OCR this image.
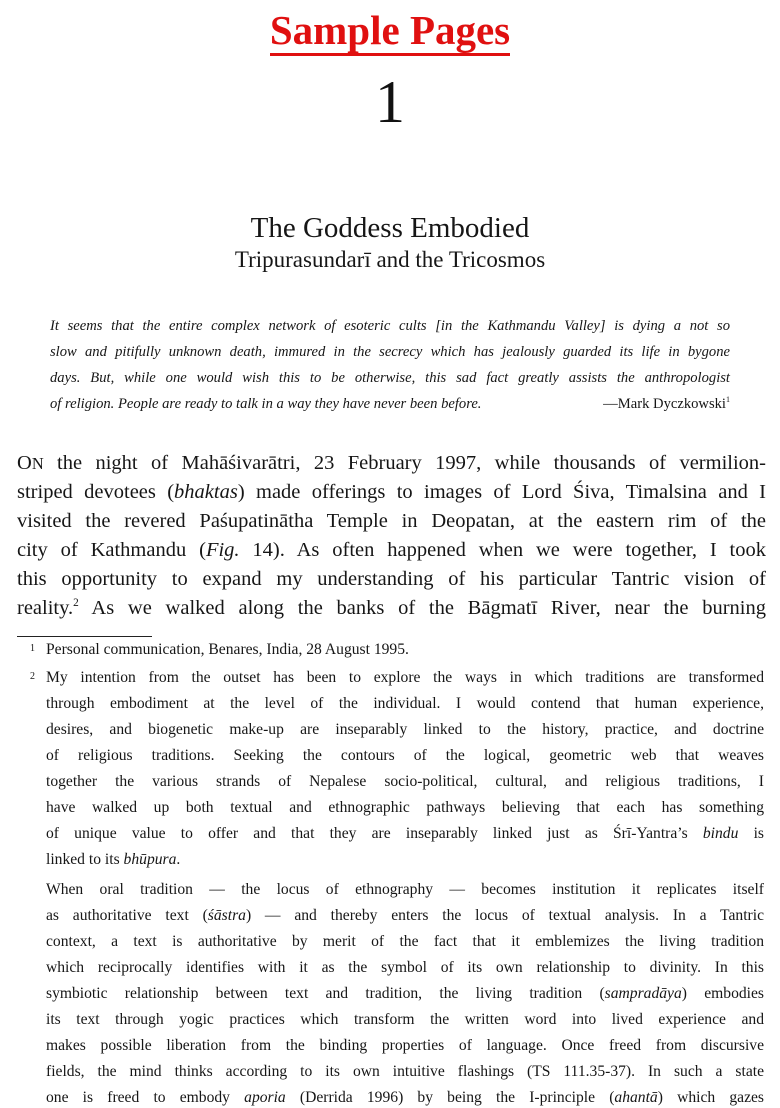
Sample Pages
1
The Goddess Embodied
Tripurasundarī and the Tricosmos
It seems that the entire complex network of esoteric cults [in the Kathmandu Valley] is dying a not so
slow and pitifully unknown death, immured in the secrecy which has jealously guarded its life in bygone
days. But, while one would wish this to be otherwise, this sad fact greatly assists the anthropologist
of religion. People are ready to talk in a way they have never been before.	—Mark Dyczkowski$^1$
ON the night of Mahāśivarātri, 23 February 1997, while thousands of vermilion-
striped devotees (bhaktas) made offerings to images of Lord Śiva, Timalsina and I
visited the revered Paśupatinātha Temple in Deopatan, at the eastern rim of the
city of Kathmandu (Fig. 14). As often happened when we were together, I took
this opportunity to expand my understanding of his particular Tantric vision of
reality.$^2$ As we walked along the banks of the Bāgmatī River, near the burning
1 Personal communication, Benares, India, 28 August 1995.
2 My intention from the outset has been to explore the ways in which traditions are transformed
through embodiment at the level of the individual. I would contend that human experience,
desires, and biogenetic make-up are inseparably linked to the history, practice, and doctrine
of religious traditions. Seeking the contours of the logical, geometric web that weaves
together the various strands of Nepalese socio-political, cultural, and religious traditions, I
have walked up both textual and ethnographic pathways believing that each has something
of unique value to offer and that they are inseparably linked just as Śrī-Yantra’s bindu is
linked to its bhūpura.
When oral tradition — the locus of ethnography — becomes institution it replicates itself
as authoritative text (śāstra) — and thereby enters the locus of textual analysis. In a Tantric
context, a text is authoritative by merit of the fact that it emblemizes the living tradition
which reciprocally identifies with it as the symbol of its own relationship to divinity. In this
symbiotic relationship between text and tradition, the living tradition (sampradāya) embodies
its text through yogic practices which transform the written word into lived experience and
makes possible liberation from the binding properties of language. Once freed from discursive
fields, the mind thinks according to its own intuitive flashings (TS 111.35-37). In such a state
one is freed to embody aporia (Derrida 1996) by being the I-principle (ahantā) which gazes
